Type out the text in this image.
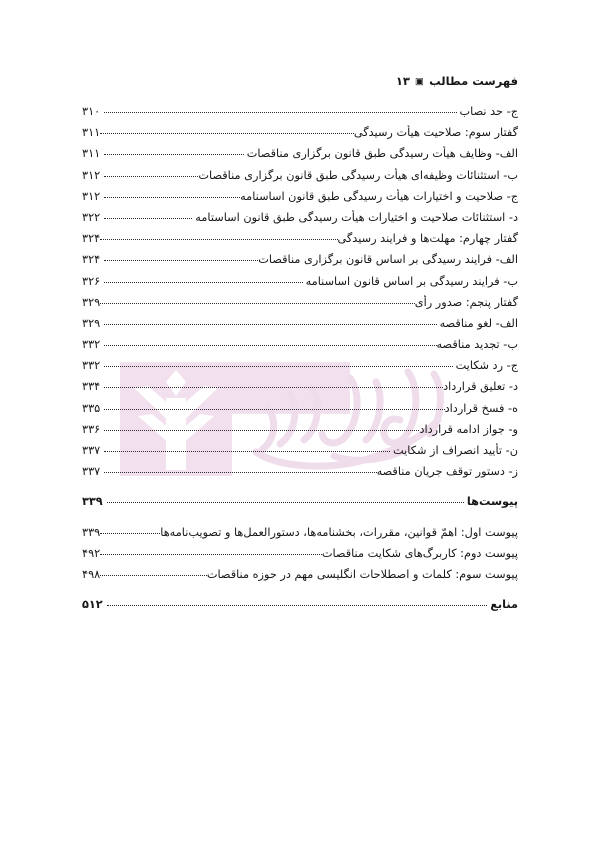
فهرست مطالب
▣
۱۳
ج- حد نصاب
۳۱۰
گفتار سوم: صلاحیت هیأت رسیدگی
۳۱۱
الف- وظایف هیأت رسیدگی طبق قانون برگزاری مناقصات
۳۱۱
ب- استثنائات وظیفه‌ای هیأت رسیدگی طبق قانون برگزاری مناقصات
۳۱۲
ج- صلاحیت و اختیارات هیأت رسیدگی طبق قانون اساسنامه
۳۱۲
د- استثنائات صلاحیت و اختیارات هیأت رسیدگی طبق قانون اساستامه
۳۲۲
گفتار چهارم: مهلت‌ها و فرایند رسیدگی
۳۲۴
الف- فرایند رسیدگی بر اساس قانون برگزاری مناقصات
۳۲۴
ب- فرایند رسیدگی بر اساس قانون اساسنامه
۳۲۶
گفتار پنجم: صدور رأی
۳۲۹
الف- لغو مناقصه
۳۲۹
ب- تجدید مناقصه
۳۳۲
ج- رد شکایت
۳۳۲
د- تعلیق قرارداد
۳۳۴
ه- فسخ قرارداد
۳۳۵
و- جواز ادامه قرارداد
۳۳۶
ن- تأیید انصراف از شکایت
۳۳۷
ز- دستور توقف جریان مناقصه
۳۳۷
پیوست‌ها
۳۳۹
پیوست اول: اهمّ قوانین، مقررات، بخشنامه‌ها، دستورالعمل‌ها و تصویب‌نامه‌ها
۳۳۹
پیوست دوم: کاربرگ‌های شکایت مناقصات
۴۹۲
پیوست سوم: کلمات و اصطلاحات انگلیسی مهم در حوزه مناقصات
۴۹۸
منابع
۵۱۲
